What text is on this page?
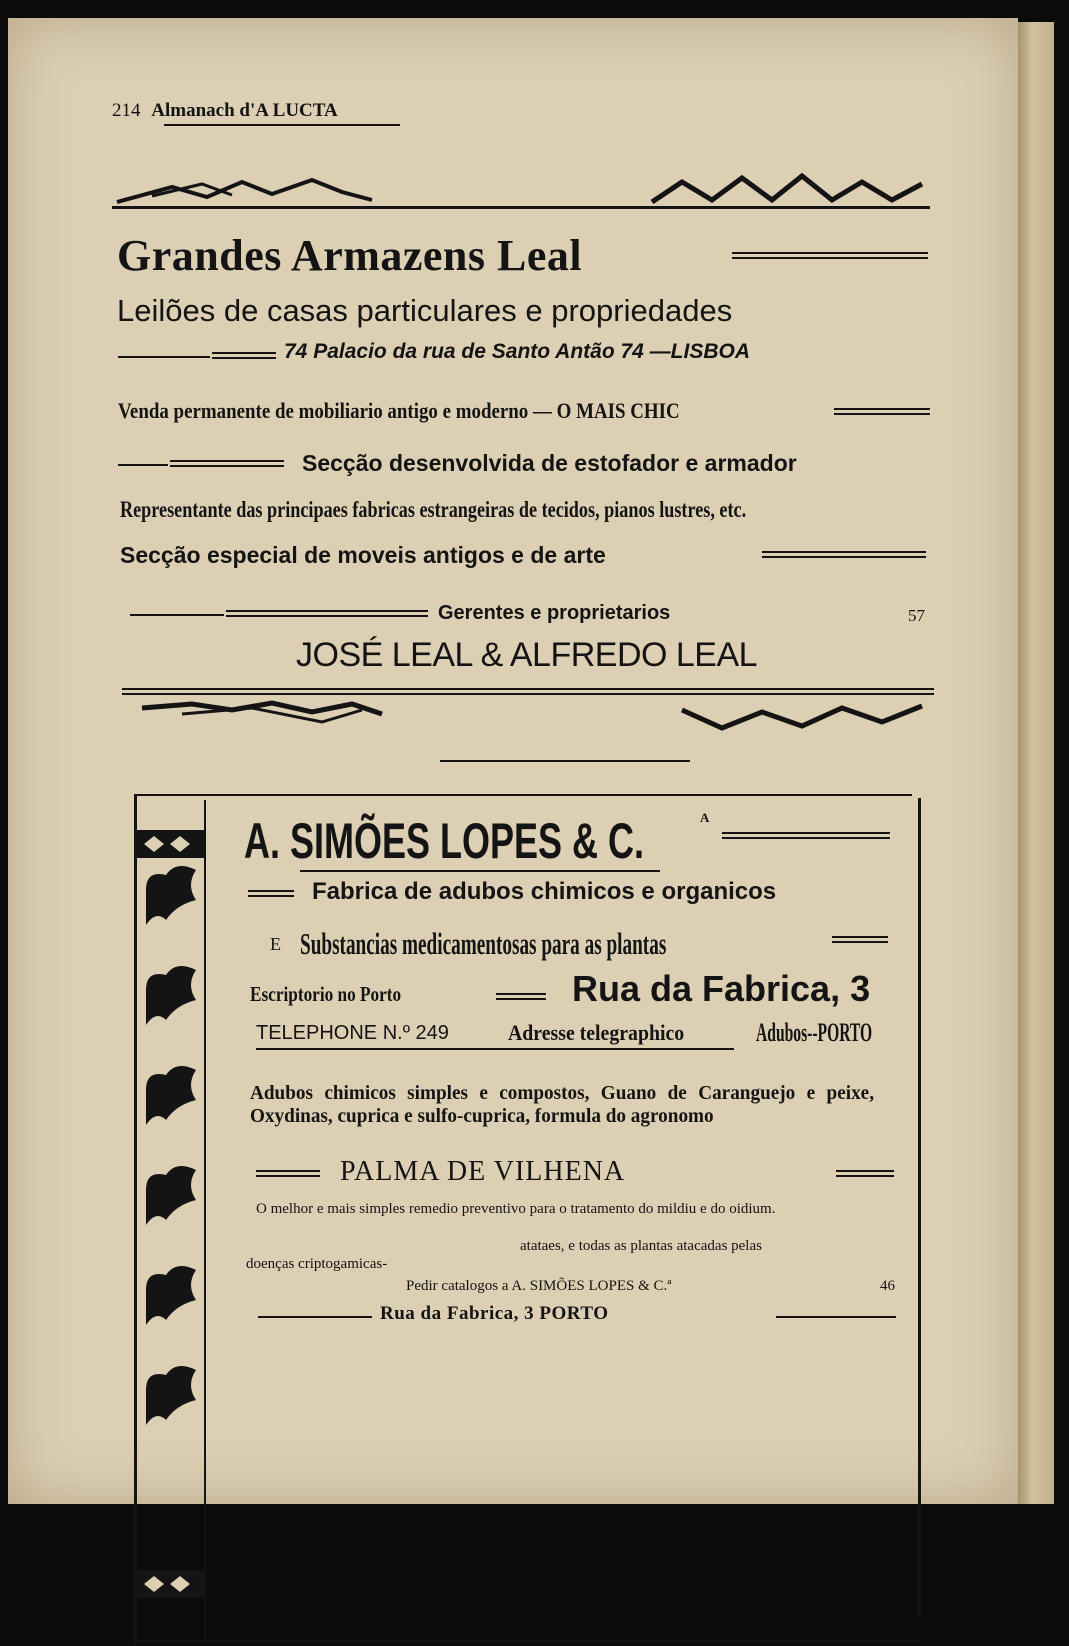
214 Almanach d'A LUCTA
Grandes Armazens Leal
Leilões de casas particulares e propriedades
74 Palacio da rua de Santo Antão 74 —LISBOA
Venda permanente de mobiliario antigo e moderno — O MAIS CHIC
Secção desenvolvida de estofador e armador
Representante das principaes fabricas estrangeiras de tecidos, pianos lustres, etc.
Secção especial de moveis antigos e de arte
Gerentes e proprietarios	57
JOSÉ LEAL & ALFREDO LEAL
A. SIMÕES LOPES & C.	A
Fabrica de adubos chimicos e organicos
E Substancias medicamentosas para as plantas
Escriptorio no Porto	Rua da Fabrica, 3
TELEPHONE N.º 249	Adresse telegraphico	Adubos--PORTO
Adubos chimicos simples e compostos, Guano de Caranguejo e peixe, Oxydinas, cuprica e sulfo-cuprica, formula do agronomo
PALMA DE VILHENA
O melhor e mais simples remedio preventivo para o tratamento do mildiu e do oidium.
atataes, e todas as plantas atacadas pelas
doenças criptogamicas-
Pedir catalogos a A. SIMÕES LOPES & C.ª	46
Rua da Fabrica, 3 PORTO
